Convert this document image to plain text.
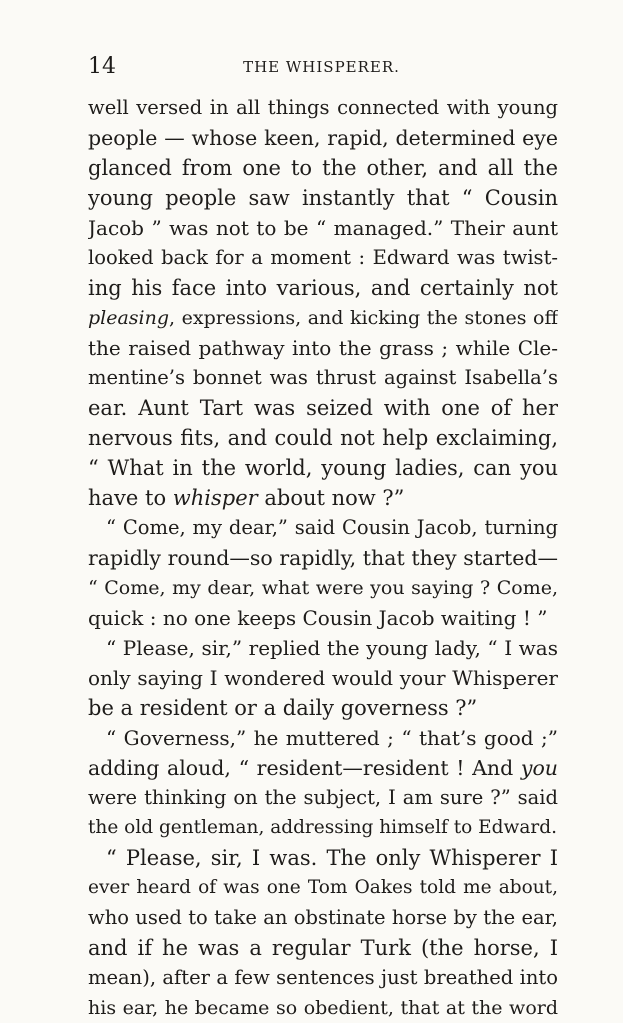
14	THE WHISPERER.
well versed in all things connected with young
people — whose keen, rapid, determined eye
glanced from one to the other, and all the
young people saw instantly that “ Cousin
Jacob ” was not to be “ managed.” Their aunt
looked back for a moment : Edward was twist-
ing his face into various, and certainly not
pleasing, expressions, and kicking the stones off
the raised pathway into the grass ; while Cle-
mentine’s bonnet was thrust against Isabella’s
ear. Aunt Tart was seized with one of her
nervous fits, and could not help exclaiming,
“ What in the world, young ladies, can you
have to whisper about now ?”
“ Come, my dear,” said Cousin Jacob, turning
rapidly round—so rapidly, that they started—
“ Come, my dear, what were you saying ? Come,
quick : no one keeps Cousin Jacob waiting ! ”
“ Please, sir,” replied the young lady, “ I was
only saying I wondered would your Whisperer
be a resident or a daily governess ?”
“ Governess,” he muttered ; “ that’s good ;”
adding aloud, “ resident—resident ! And you
were thinking on the subject, I am sure ?” said
the old gentleman, addressing himself to Edward.
“ Please, sir, I was. The only Whisperer I
ever heard of was one Tom Oakes told me about,
who used to take an obstinate horse by the ear,
and if he was a regular Turk (the horse, I
mean), after a few sentences just breathed into
his ear, he became so obedient, that at the word
